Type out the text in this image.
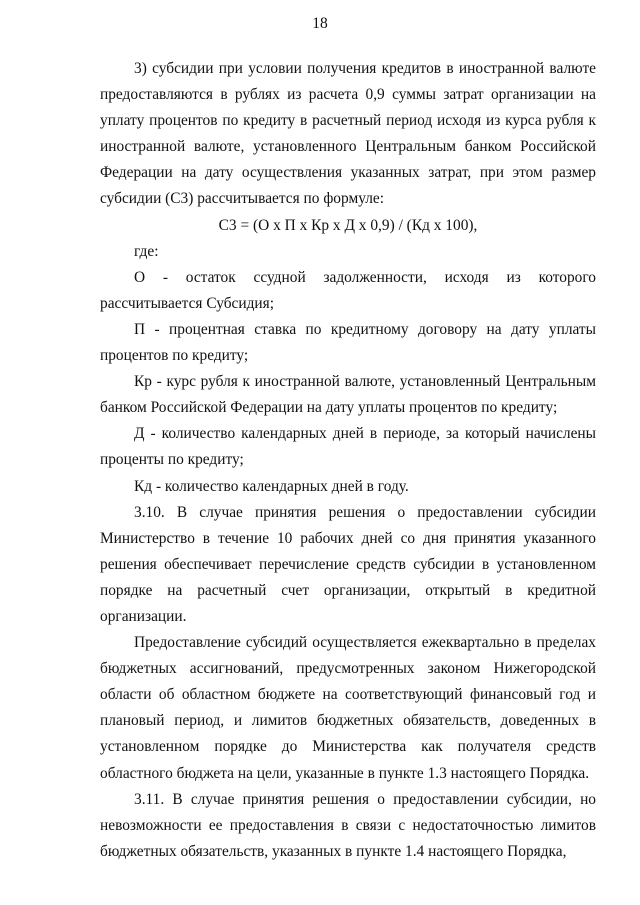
18

3) субсидии при условии получения кредитов в иностранной валюте предоставляются в рублях из расчета 0,9 суммы затрат организации на уплату процентов по кредиту в расчетный период исходя из курса рубля к иностранной валюте, установленного Центральным банком Российской Федерации на дату осуществления указанных затрат, при этом размер субсидии (С3) рассчитывается по формуле:

С3 = (О х П х Кр х Д х 0,9) / (Кд х 100),

где:

О - остаток ссудной задолженности, исходя из которого рассчитывается Субсидия;

П - процентная ставка по кредитному договору на дату уплаты процентов по кредиту;

Кр - курс рубля к иностранной валюте, установленный Центральным банком Российской Федерации на дату уплаты процентов по кредиту;

Д - количество календарных дней в периоде, за который начислены проценты по кредиту;

Кд - количество календарных дней в году.

3.10. В случае принятия решения о предоставлении субсидии Министерство в течение 10 рабочих дней со дня принятия указанного решения обеспечивает перечисление средств субсидии в установленном порядке на расчетный счет организации, открытый в кредитной организации.

Предоставление субсидий осуществляется ежеквартально в пределах бюджетных ассигнований, предусмотренных законом Нижегородской области об областном бюджете на соответствующий финансовый год и плановый период, и лимитов бюджетных обязательств, доведенных в установленном порядке до Министерства как получателя средств областного бюджета на цели, указанные в пункте 1.3 настоящего Порядка.

3.11. В случае принятия решения о предоставлении субсидии, но невозможности ее предоставления в связи с недостаточностью лимитов бюджетных обязательств, указанных в пункте 1.4 настоящего Порядка,
